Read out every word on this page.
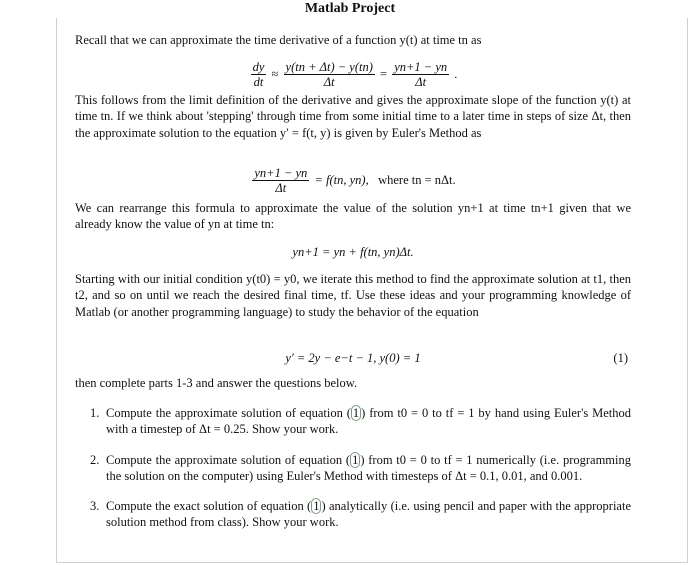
Matlab Project
Recall that we can approximate the time derivative of a function y(t) at time tn as
$\frac{dy}{dt} \approx \frac{y(tn + \Delta t) - y(tn)}{\Delta t} = \frac{yn+1 - yn}{\Delta t}$ .
This follows from the limit definition of the derivative and gives the approximate slope of the function y(t) at time tn. If we think about 'stepping' through time from some initial time to a later time in steps of size Δt, then the approximate solution to the equation y′ = f(t, y) is given by Euler's Method as
$\frac{yn+1 - yn}{\Delta t} = f(tn$, yn), where tn = nΔt.
We can rearrange this formula to approximate the value of the solution yn+1 at time tn+1 given that we already know the value of yn at time tn:
yn+1 = yn + f(tn, yn)Δt.
Starting with our initial condition y(t0) = y0, we iterate this method to find the approximate solution at t1, then t2, and so on until we reach the desired final time, tf. Use these ideas and your programming knowledge of Matlab (or another programming language) to study the behavior of the equation
y′ = 2y − e−t − 1, y(0) = 1	(1)
then complete parts 1-3 and answer the questions below.
1. Compute the approximate solution of equation ( 1 ) from t0 = 0 to tf = 1 by hand using Euler's Method with a timestep of Δt = 0.25. Show your work.
2. Compute the approximate solution of equation ( 1 ) from t0 = 0 to tf = 1 numerically (i.e. programming the solution on the computer) using Euler's Method with timesteps of Δt = 0.1, 0.01, and 0.001.
3. Compute the exact solution of equation ( 1 ) analytically (i.e. using pencil and paper with the appropriate solution method from class). Show your work.
